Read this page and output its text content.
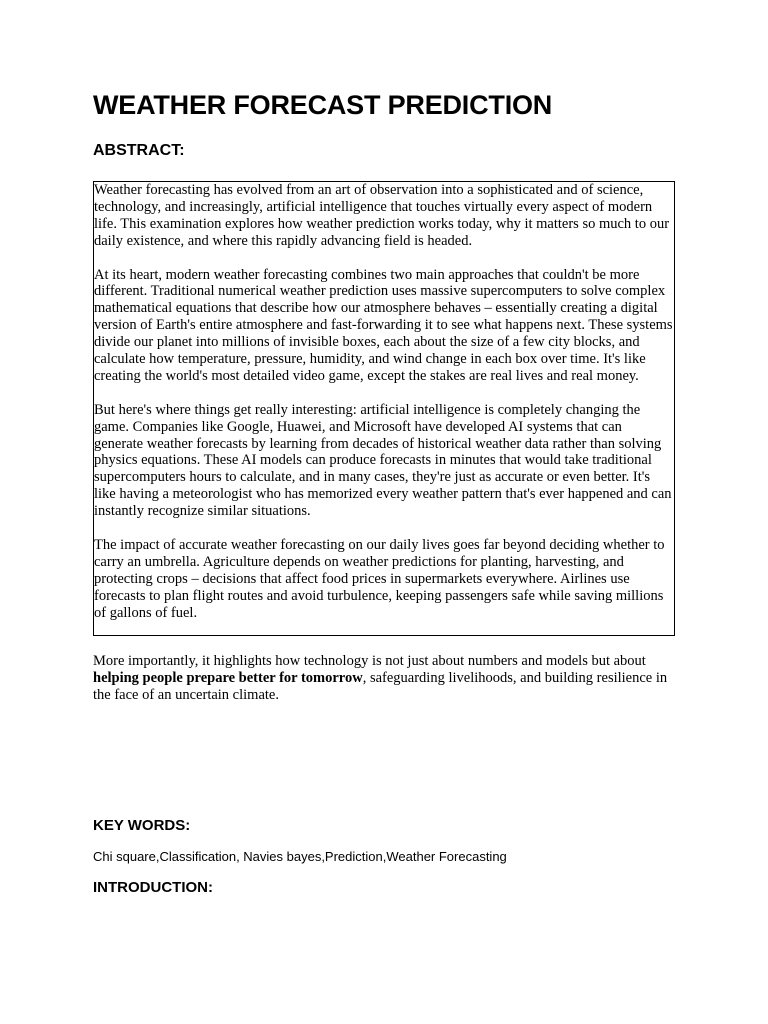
WEATHER FORECAST PREDICTION
ABSTRACT:

Weather forecasting has evolved from an art of observation into a sophisticated and of science, technology, and increasingly, artificial intelligence that touches virtually every aspect of modern life. This examination explores how weather prediction works today, why it matters so much to our daily existence, and where this rapidly advancing field is headed.

At its heart, modern weather forecasting combines two main approaches that couldn't be more different. Traditional numerical weather prediction uses massive supercomputers to solve complex mathematical equations that describe how our atmosphere behaves – essentially creating a digital version of Earth's entire atmosphere and fast-forwarding it to see what happens next. These systems divide our planet into millions of invisible boxes, each about the size of a few city blocks, and calculate how temperature, pressure, humidity, and wind change in each box over time. It's like creating the world's most detailed video game, except the stakes are real lives and real money.

But here's where things get really interesting: artificial intelligence is completely changing the game. Companies like Google, Huawei, and Microsoft have developed AI systems that can generate weather forecasts by learning from decades of historical weather data rather than solving physics equations. These AI models can produce forecasts in minutes that would take traditional supercomputers hours to calculate, and in many cases, they're just as accurate or even better. It's like having a meteorologist who has memorized every weather pattern that's ever happened and can instantly recognize similar situations.

The impact of accurate weather forecasting on our daily lives goes far beyond deciding whether to carry an umbrella. Agriculture depends on weather predictions for planting, harvesting, and protecting crops – decisions that affect food prices in supermarkets everywhere. Airlines use forecasts to plan flight routes and avoid turbulence, keeping passengers safe while saving millions of gallons of fuel.

More importantly, it highlights how technology is not just about numbers and models but about helping people prepare better for tomorrow, safeguarding livelihoods, and building resilience in the face of an uncertain climate.

KEY WORDS:

Chi square,Classification, Navies bayes,Prediction,Weather Forecasting

INTRODUCTION:
